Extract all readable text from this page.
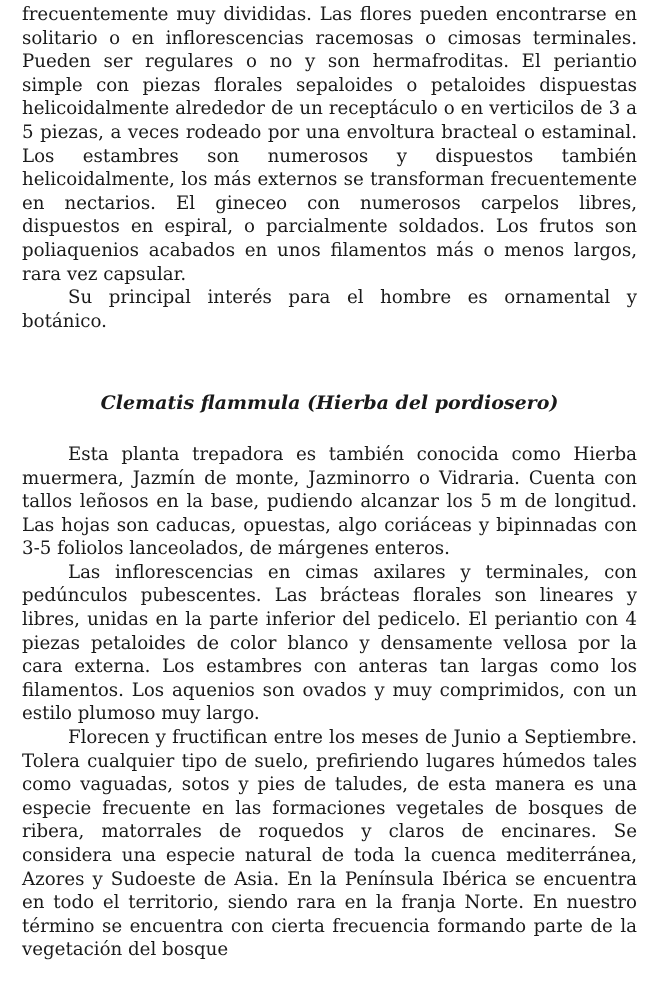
frecuentemente muy divididas. Las flores pueden encontrarse en solitario o en inflorescencias racemosas o cimosas terminales. Pueden ser regulares o no y son hermafroditas. El periantio simple con piezas florales sepaloides o petaloides dispuestas helicoidalmente alrededor de un receptáculo o en verticilos de 3 a 5 piezas, a veces rodeado por una envoltura bracteal o estaminal. Los estambres son numerosos y dispuestos también helicoidalmente, los más externos se transforman frecuentemente en nectarios. El gineceo con numerosos carpelos libres, dispuestos en espiral, o parcialmente soldados. Los frutos son poliaquenios acabados en unos filamentos más o menos largos, rara vez capsular.

Su principal interés para el hombre es ornamental y botánico.

Clematis flammula (Hierba del pordiosero)

Esta planta trepadora es también conocida como Hierba muermera, Jazmín de monte, Jazminorro o Vidraria. Cuenta con tallos leñosos en la base, pudiendo alcanzar los 5 m de longitud. Las hojas son caducas, opuestas, algo coriáceas y bipinnadas con 3-5 foliolos lanceolados, de márgenes enteros.

Las inflorescencias en cimas axilares y terminales, con pedúnculos pubescentes. Las brácteas florales son lineares y libres, unidas en la parte inferior del pedicelo. El periantio con 4 piezas petaloides de color blanco y densamente vellosa por la cara externa. Los estambres con anteras tan largas como los filamentos. Los aquenios son ovados y muy comprimidos, con un estilo plumoso muy largo.

Florecen y fructifican entre los meses de Junio a Septiembre. Tolera cualquier tipo de suelo, prefiriendo lugares húmedos tales como vaguadas, sotos y pies de taludes, de esta manera es una especie frecuente en las formaciones vegetales de bosques de ribera, matorrales de roquedos y claros de encinares. Se considera una especie natural de toda la cuenca mediterránea, Azores y Sudoeste de Asia. En la Península Ibérica se encuentra en todo el territorio, siendo rara en la franja Norte. En nuestro término se encuentra con cierta frecuencia formando parte de la vegetación del bosque
